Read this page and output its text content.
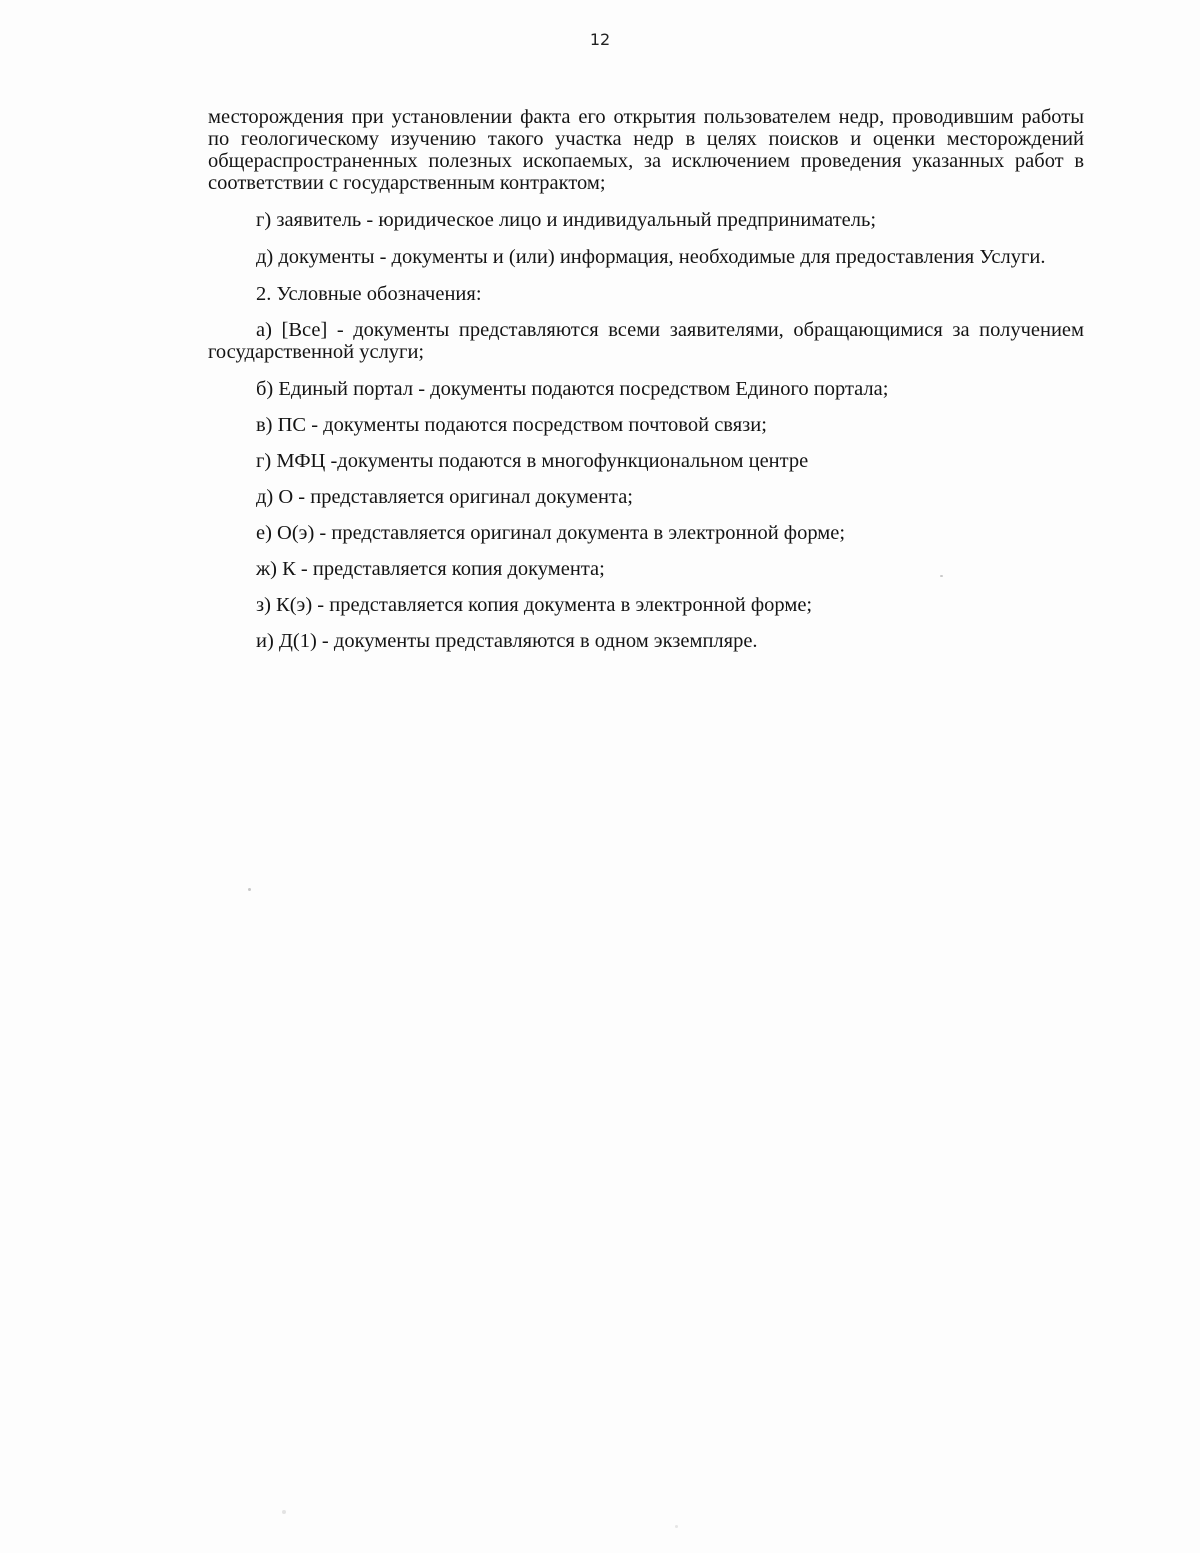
12

месторождения при установлении факта его открытия пользователем недр, проводившим работы по геологическому изучению такого участка недр в целях поисков и оценки месторождений общераспространенных полезных ископаемых, за исключением проведения указанных работ в соответствии с государственным контрактом;

г) заявитель - юридическое лицо и индивидуальный предприниматель;

д) документы - документы и (или) информация, необходимые для предоставления Услуги.

2. Условные обозначения:

а) [Все] - документы представляются всеми заявителями, обращающимися за получением государственной услуги;

б) Единый портал - документы подаются посредством Единого портала;

в) ПС - документы подаются посредством почтовой связи;

г) МФЦ -документы подаются в многофункциональном центре

д) О - представляется оригинал документа;

е) О(э) - представляется оригинал документа в электронной форме;

ж) К - представляется копия документа;

з) К(э) - представляется копия документа в электронной форме;

и) Д(1) - документы представляются в одном экземпляре.
